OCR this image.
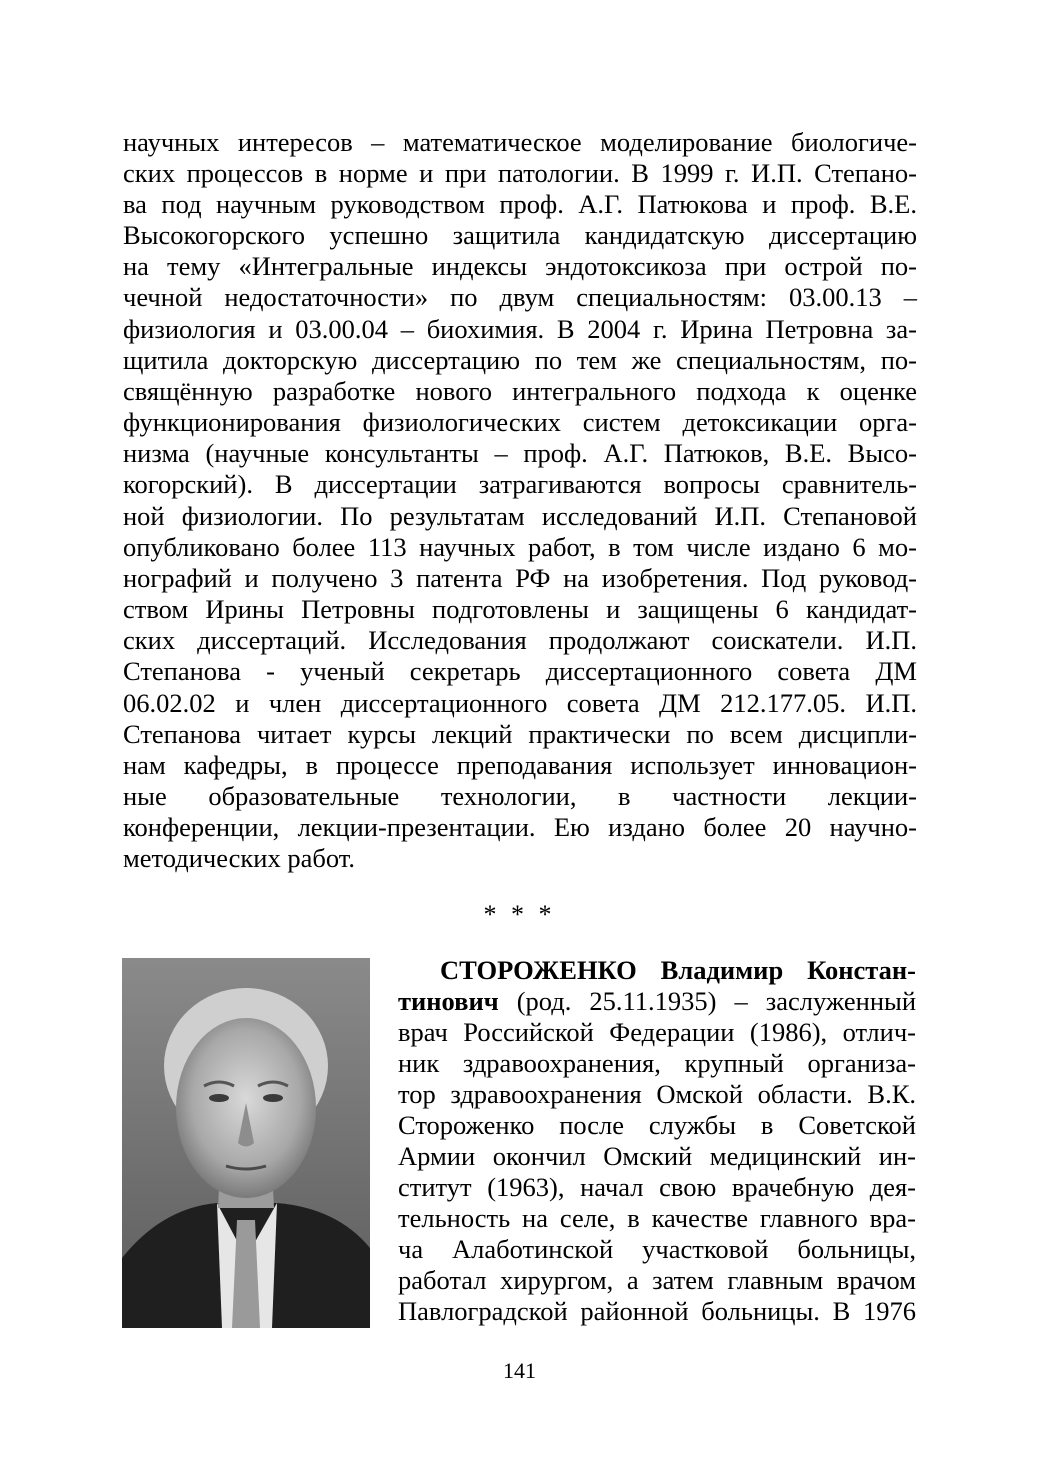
научных интересов – математическое моделирование биологиче-
ских процессов в норме и при патологии. В 1999 г. И.П. Степано-
ва под научным руководством проф. А.Г. Патюкова и проф. В.Е.
Высокогорского успешно защитила кандидатскую диссертацию
на тему «Интегральные индексы эндотоксикоза при острой по-
чечной недостаточности» по двум специальностям: 03.00.13 –
физиология и 03.00.04 – биохимия. В 2004 г. Ирина Петровна за-
щитила докторскую диссертацию по тем же специальностям, по-
свящённую разработке нового интегрального подхода к оценке
функционирования физиологических систем детоксикации орга-
низма (научные консультанты – проф. А.Г. Патюков, В.Е. Высо-
когорский). В диссертации затрагиваются вопросы сравнитель-
ной физиологии. По результатам исследований И.П. Степановой
опубликовано более 113 научных работ, в том числе издано 6 мо-
нографий и получено 3 патента РФ на изобретения. Под руковод-
ством Ирины Петровны подготовлены и защищены 6 кандидат-
ских диссертаций. Исследования продолжают соискатели. И.П.
Степанова - ученый секретарь диссертационного совета ДМ
06.02.02 и член диссертационного совета ДМ 212.177.05. И.П.
Степанова читает курсы лекций практически по всем дисципли-
нам кафедры, в процессе преподавания использует инновацион-
ные образовательные технологии, в частности лекции-
конференции, лекции-презентации. Ею издано более 20 научно-
методических работ.
* * *
СТОРОЖЕНКО Владимир Констан-
тинович (род. 25.11.1935) – заслуженный
врач Российской Федерации (1986), отлич-
ник здравоохранения, крупный организа-
тор здравоохранения Омской области. В.К.
Стороженко после службы в Советской
Армии окончил Омский медицинский ин-
ститут (1963), начал свою врачебную дея-
тельность на селе, в качестве главного вра-
ча Алаботинской участковой больницы,
работал хирургом, а затем главным врачом
Павлоградской районной больницы. В 1976
141
